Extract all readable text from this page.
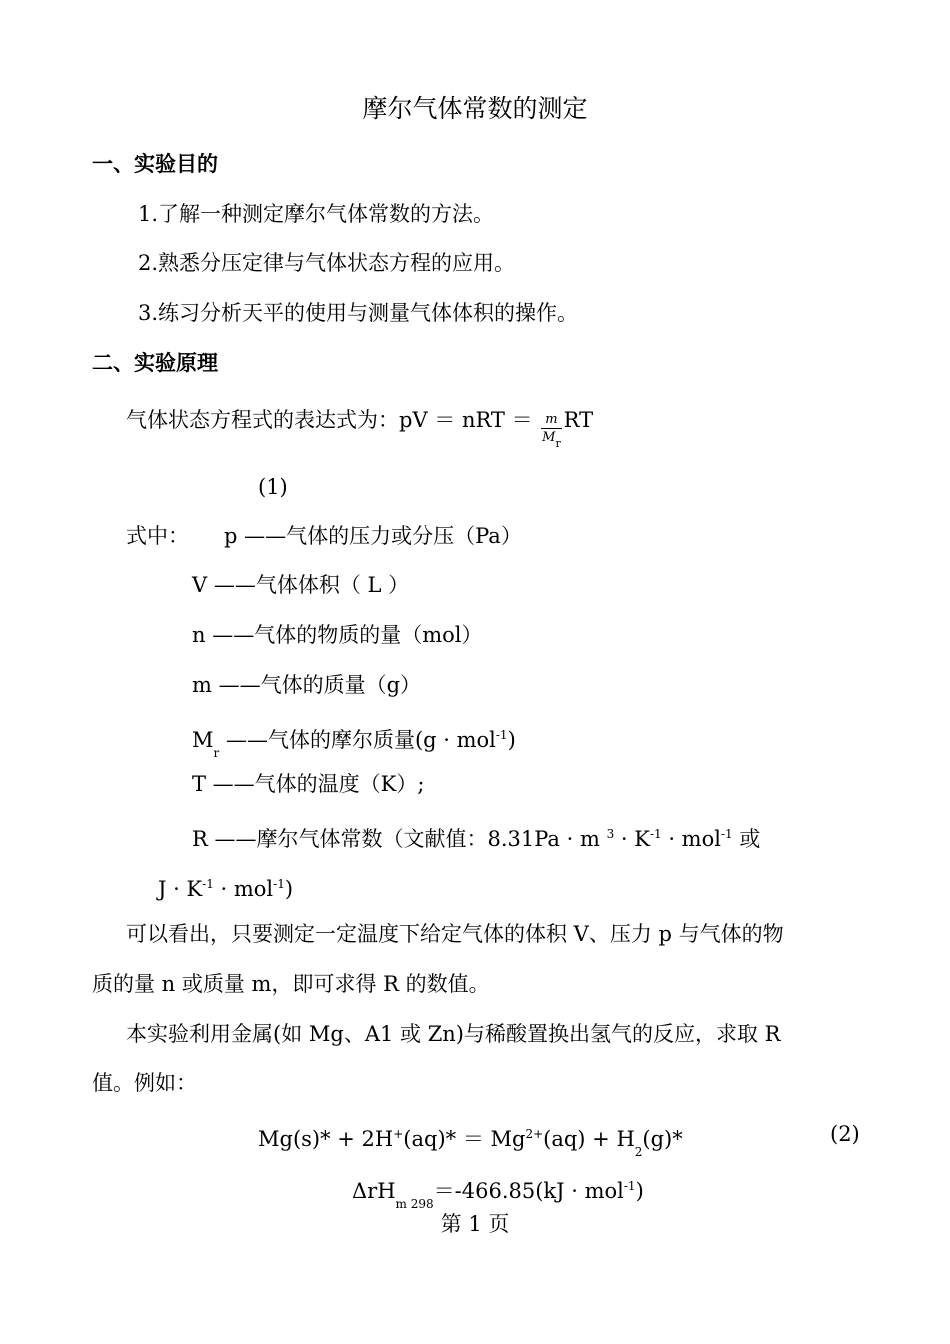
摩尔气体常数的测定
一、实验目的
1.了解一种测定摩尔气体常数的方法。
2.熟悉分压定律与气体状态方程的应用。
3.练习分析天平的使用与测量气体体积的操作。
二、实验原理
气体状态方程式的表达式为：pV ＝ nRT ＝ $\frac{m}{M_r}$ RT
(1)
式中： p ——气体的压力或分压（Pa）
V ——气体体积（ L ）
n ——气体的物质的量（mol）
m ——气体的质量（g）
$M_r$ ——气体的摩尔质量(g · mol$^{-1}$)
T ——气体的温度（K）;
R ——摩尔气体常数（文献值：8.31Pa · m $^3 \cdot K^{-1} \cdot mol^{-1}$ 或
$J \cdot K^{-1} \cdot mol^{-1}$)
可以看出，只要测定一定温度下给定气体的体积 V、压力 p 与气体的物
质的量 n 或质量 m，即可求得 R 的数值。
本实验利用金属(如 Mg、A1 或 Zn)与稀酸置换出氢气的反应，求取 R
值。例如：
$Mg(s)* + 2H^+(aq)* = Mg^{2+}(aq) + H_2(g)*$	(2)
ΔrH$_{m 298}$＝-466.85(kJ · mol$^{-1}$)
第 1 页
